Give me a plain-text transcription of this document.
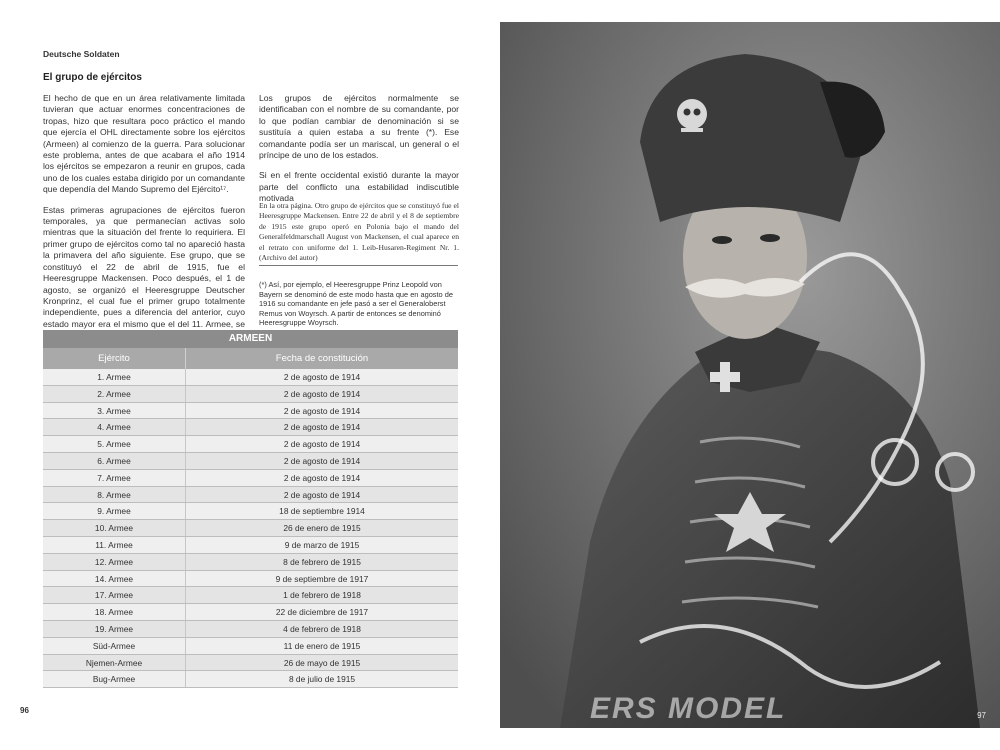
Deutsche Soldaten
El grupo de ejércitos

El hecho de que en un área relativamente limitada tuvieran que actuar enormes concentraciones de tropas, hizo que resultara poco práctico el mando que ejercía el OHL directamente sobre los ejércitos (Armeen) al comienzo de la guerra. Para solucionar este problema, antes de que acabara el año 1914 los ejércitos se empezaron a reunir en grupos, cada uno de los cuales estaba dirigido por un comandante que dependía del Mando Supremo del Ejército¹⁷.

Estas primeras agrupaciones de ejércitos fueron temporales, ya que permanecían activas solo mientras que la situación del frente lo requiriera. El primer grupo de ejércitos como tal no apareció hasta la primavera del año siguiente. Ese grupo, que se constituyó el 22 de abril de 1915, fue el Heeresgruppe Mackensen. Poco después, el 1 de agosto, se organizó el Heeresgruppe Deutscher Kronprinz, el cual fue el primer grupo totalmente independiente, pues a diferencia del anterior, cuyo estado mayor era el mismo que el del 11. Armee, se

Los grupos de ejércitos normalmente se identificaban con el nombre de su comandante, por lo que podían cambiar de denominación si se sustituía a quien estaba a su frente (*). Ese comandante podía ser un mariscal, un general o el príncipe de uno de los estados.

Si en el frente occidental existió durante la mayor parte del conflicto una estabilidad indiscutible motivada

En la otra página. Otro grupo de ejércitos que se constituyó fue el Heeresgruppe Mackensen. Entre 22 de abril y el 8 de septiembre de 1915 este grupo operó en Polonia bajo el mando del Generalfeldmarschall August von Mackensen, el cual aparece en el retrato con uniforme del 1. Leib-Husaren-Regiment Nr. 1. (Archivo del autor)
(*) Así, por ejemplo, el Heeresgruppe Prinz Leopold von Bayern se denominó de este modo hasta que en agosto de 1916 su comandante en jefe pasó a ser el Generaloberst Remus von Woyrsch. A partir de entonces se denominó Heeresgruppe Woyrsch.
ARMEEN
Ejército	Fecha de constitución
1. Armee	2 de agosto de 1914
2. Armee	2 de agosto de 1914
3. Armee	2 de agosto de 1914
4. Armee	2 de agosto de 1914
5. Armee	2 de agosto de 1914
6. Armee	2 de agosto de 1914
7. Armee	2 de agosto de 1914
8. Armee	2 de agosto de 1914
9. Armee	18 de septiembre 1914
10. Armee	26 de enero de 1915
11. Armee	9 de marzo de 1915
12. Armee	8 de febrero de 1915
14. Armee	9 de septiembre de 1917
17. Armee	1 de febrero de 1918
18. Armee	22 de diciembre de 1917
19. Armee	4 de febrero de 1918
Süd-Armee	11 de enero de 1915
Njemen-Armee	26 de mayo de 1915
Bug-Armee	8 de julio de 1915
96	ERS MODEL	97
